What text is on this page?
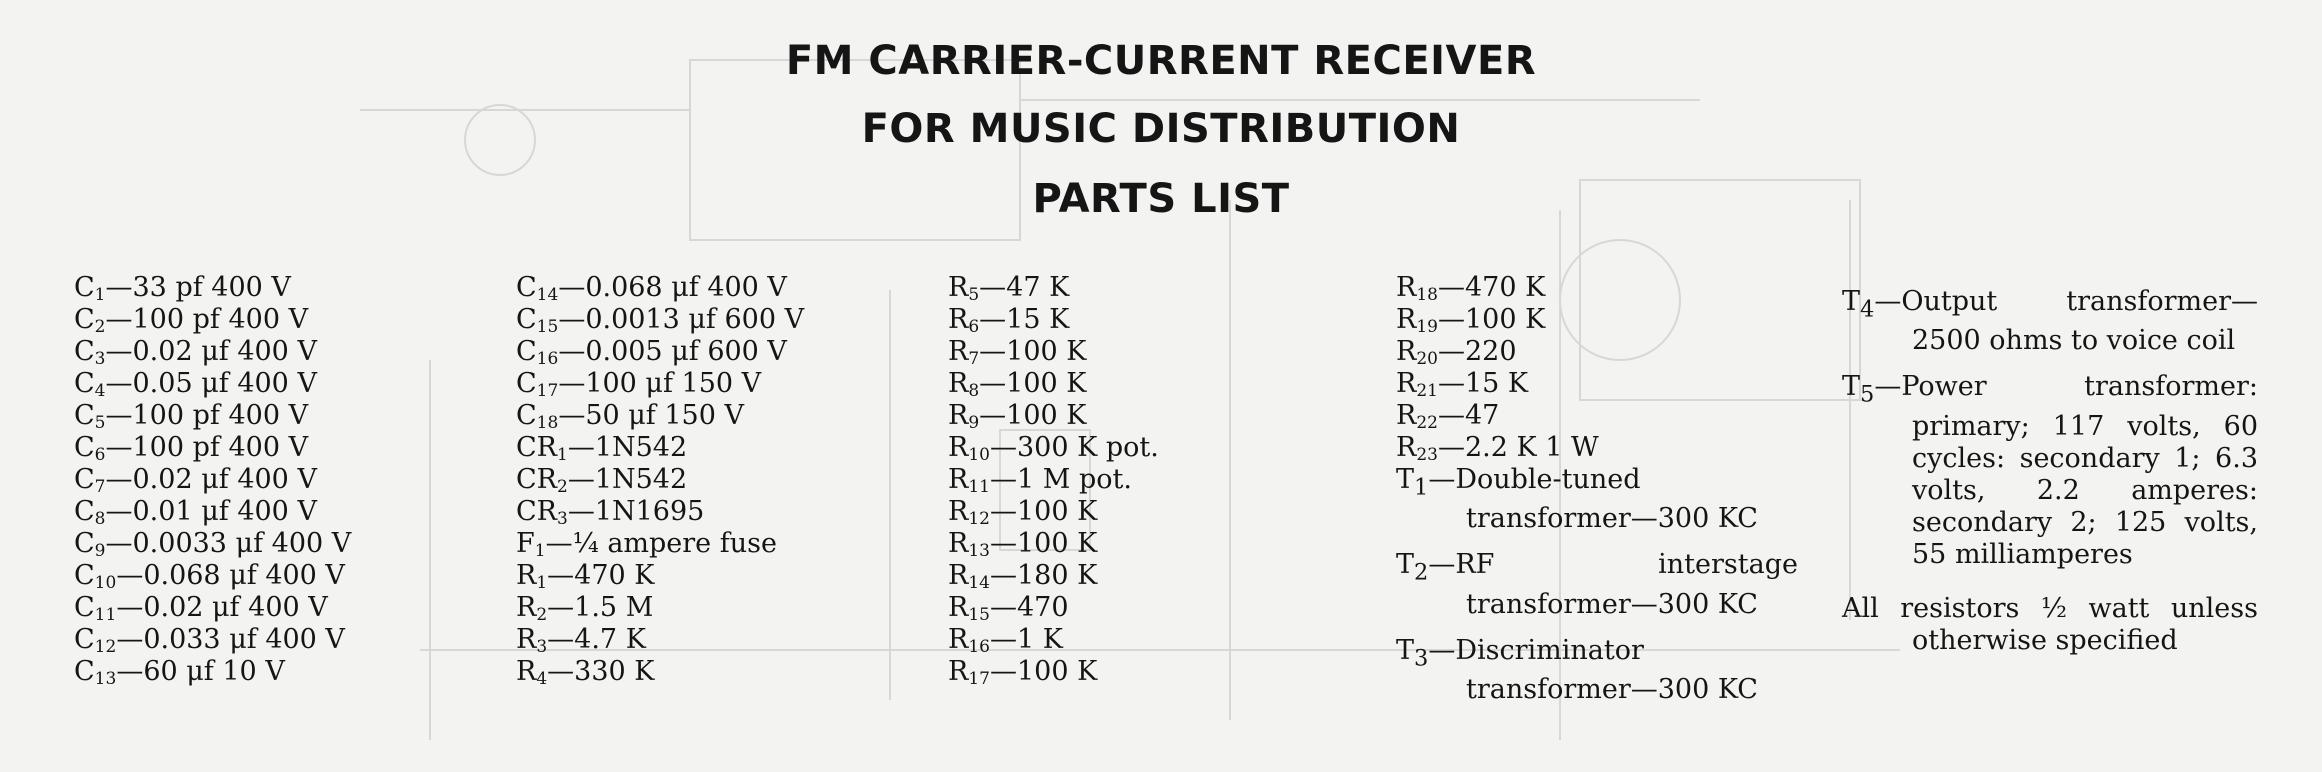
FM CARRIER-CURRENT RECEIVER
FOR MUSIC DISTRIBUTION
PARTS LIST
$C_1—33$ pf 400 V
$C_2—100$ pf 400 V
$C_3—0.02$ μf 400 V
$C_4—0.05$ μf 400 V
$C_5—100$ pf 400 V
$C_6—100$ pf 400 V
$C_7—0.02$ μf 400 V
$C_8—0.01$ μf 400 V
$C_9—0.0033$ μf 400 V
$C_{10}—0.068$ μf 400 V
$C_{11}—0.02$ μf 400 V
$C_{12}—0.033$ μf 400 V
$C_{13}—60$ μf 10 V
$C_{14}—0.068$ μf 400 V
$C_{15}—0.0013$ μf 600 V
$C_{16}—0.005$ μf 600 V
$C_{17}—100$ μf 150 V
$C_{18}—50$ μf 150 V
$CR_1—1N542$
$CR_2—1N542$
$CR_3—1N1695$
$F_1—\frac{1}{4}$ ampere fuse
$R_1—470$ K
$R_2—1.5$ M
$R_3—4.7$ K
$R_4—330$ K
$R_5—47$ K
$R_6—15$ K
$R_7—100$ K
$R_8—100$ K
$R_9—100$ K
$R_{10}—300$ K pot.
$R_{11}—1$ M pot.
$R_{12}—100$ K
$R_{13}—100$ K
$R_{14}—180$ K
$R_{15}—470$
$R_{16}—1$ K
$R_{17}—100$ K
$R_{18}—470$ K
$R_{19}—100$ K
$R_{20}—220$
$R_{21}—15$ K
$R_{22}—47$
$R_{23}—2.2$ K 1 W
$T_1—Double$-tuned transformer—300 KC
$T_2—RF$ interstage transformer—300 KC
$T_3—Discriminator$ transformer—300 KC
$T_4—Output$ transformer—2500 ohms to voice coil
$T_5—Power$ transformer: primary; 117 volts, 60 cycles: secondary 1; 6.3 volts, 2.2 amperes: secondary 2; 125 volts, 55 milliamperes
All resistors ½ watt unless otherwise specified
